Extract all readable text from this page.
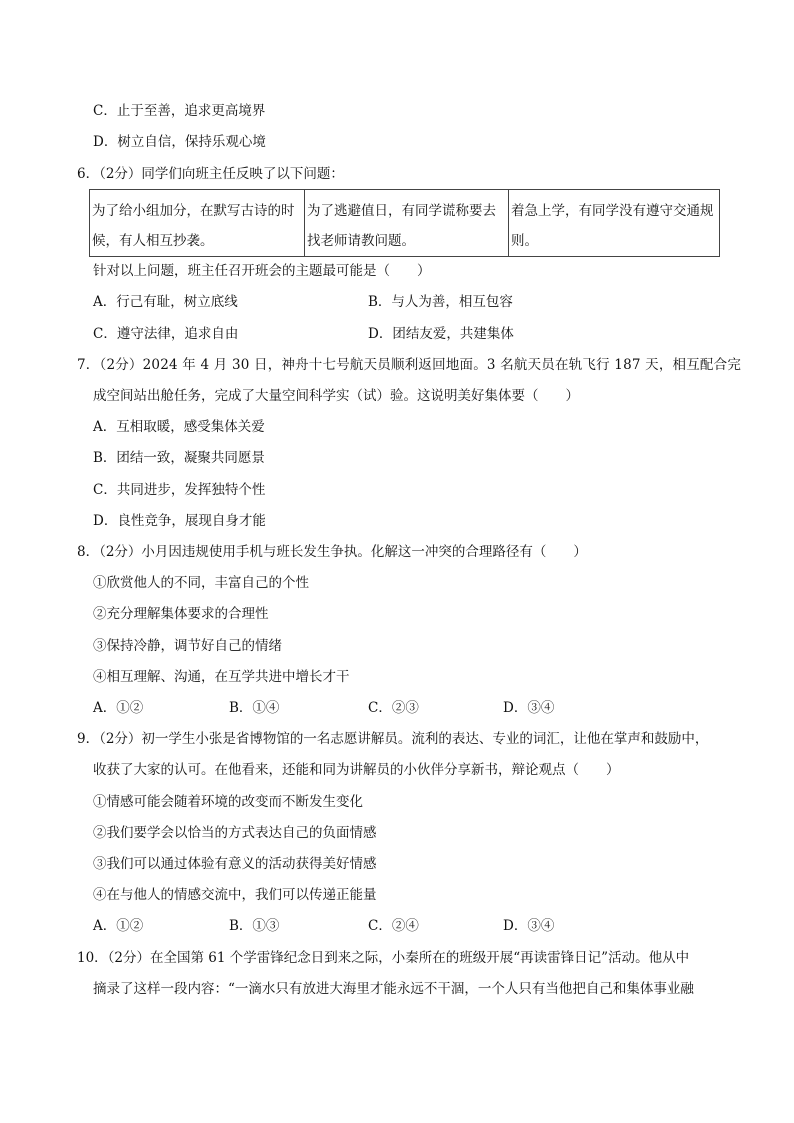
C．止于至善，追求更高境界
D．树立自信，保持乐观心境
6．（2分）同学们向班主任反映了以下问题：
为了给小组加分，在默写古诗的时候，有人相互抄袭。	为了逃避值日，有同学谎称要去找老师请教问题。	着急上学，有同学没有遵守交通规则。
针对以上问题，班主任召开班会的主题最可能是（　　）
A．行己有耻，树立底线	B．与人为善，相互包容
C．遵守法律，追求自由	D．团结友爱，共建集体
7．（2分）2024 年 4 月 30 日，神舟十七号航天员顺利返回地面。3 名航天员在轨飞行 187 天，相互配合完
成空间站出舱任务，完成了大量空间科学实（试）验。这说明美好集体要（　　）
A．互相取暖，感受集体关爱
B．团结一致，凝聚共同愿景
C．共同进步，发挥独特个性
D．良性竞争，展现自身才能
8．（2分）小月因违规使用手机与班长发生争执。化解这一冲突的合理路径有（　　）
①欣赏他人的不同，丰富自己的个性
②充分理解集体要求的合理性
③保持冷静，调节好自己的情绪
④相互理解、沟通，在互学共进中增长才干
A．①②	B．①④	C．②③	D．③④
9．（2分）初一学生小张是省博物馆的一名志愿讲解员。流利的表达、专业的词汇，让他在掌声和鼓励中，
收获了大家的认可。在他看来，还能和同为讲解员的小伙伴分享新书，辩论观点（　　）
①情感可能会随着环境的改变而不断发生变化
②我们要学会以恰当的方式表达自己的负面情感
③我们可以通过体验有意义的活动获得美好情感
④在与他人的情感交流中，我们可以传递正能量
A．①②	B．①③	C．②④	D．③④
10．（2分）在全国第 61 个学雷锋纪念日到来之际，小秦所在的班级开展“再读雷锋日记”活动。他从中
摘录了这样一段内容：“一滴水只有放进大海里才能永远不干涸，一个人只有当他把自己和集体事业融
